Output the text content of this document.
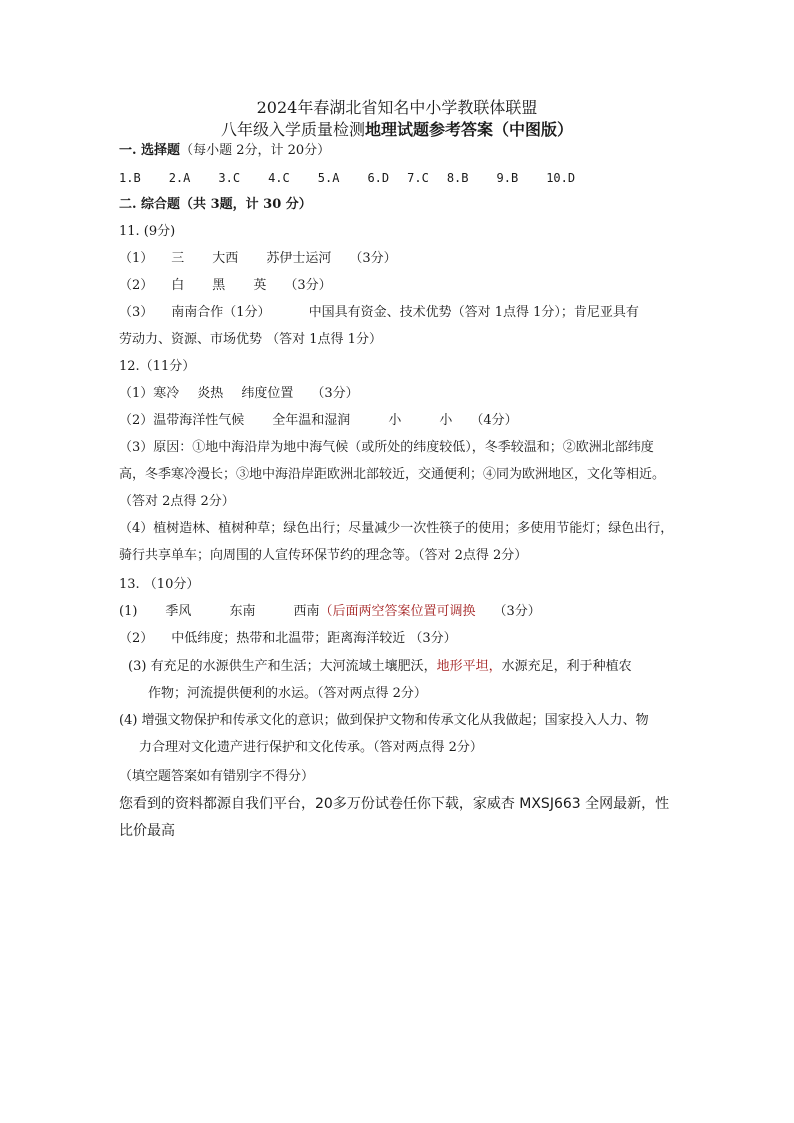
2024年春湖北省知名中小学教联体联盟
八年级入学质量检测地理试题参考答案（中图版）
一. 选择题（每小题 2分，计 20分）
1.B 2.A 3.C 4.C 5.A 6.D 7.C 8.B 9.B 10.D
二. 综合题（共 3题，计 30 分）
11. (9分)
（1） 三 大西 苏伊士运河 （3分）
（2） 白 黑 英 （3分）
（3） 南南合作（1分）	中国具有资金、技术优势（答对 1点得 1分）；肯尼亚具有
劳动力、资源、市场优势 （答对 1点得 1分）
12.（11分）
（1）寒冷 炎热 纬度位置 （3分）
（2）温带海洋性气候 全年温和湿润	小	小 （4分）
（3）原因：①地中海沿岸为地中海气候（或所处的纬度较低），冬季较温和；②欧洲北部纬度高，冬季寒冷漫长；③地中海沿岸距欧洲北部较近，交通便利；④同为欧洲地区，文化等相近。（答对 2点得 2分）
（4）植树造林、植树种草；绿色出行；尽量减少一次性筷子的使用；多使用节能灯；绿色出行，骑行共享单车；向周围的人宣传环保节约的理念等。（答对 2点得 2分）
13. （10分）
(1) 季风	东南	西南（后面两空答案位置可调换 （3分）
（2） 中低纬度；热带和北温带；距离海洋较近 （3分）
(3) 有充足的水源供生产和生活；大河流域土壤肥沃，地形平坦，水源充足，利于种植农
作物；河流提供便利的水运。（答对两点得 2分）
(4) 增强文物保护和传承文化的意识；做到保护文物和传承文化从我做起；国家投入人力、物
力合理对文化遗产进行保护和文化传承。（答对两点得 2分）
（填空题答案如有错别字不得分）
您看到的资料都源自我们平台，20多万份试卷任你下载，家威杏 MXSJ663 全网最新，性比价最高
